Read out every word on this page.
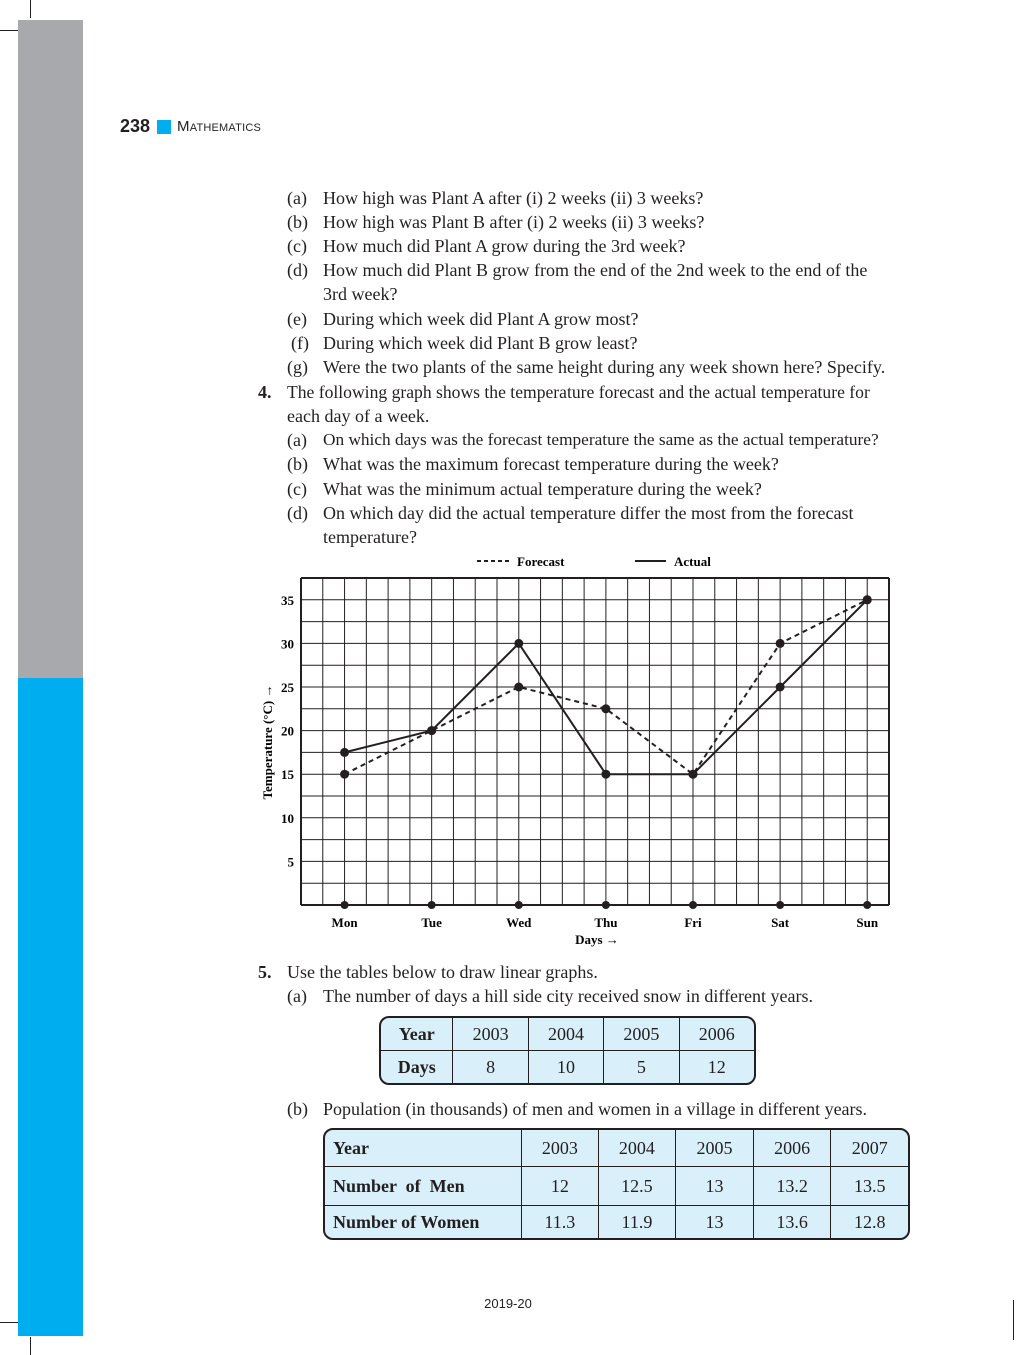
238 Mathematics
(a) How high was Plant A after (i) 2 weeks (ii) 3 weeks?
(b) How high was Plant B after (i) 2 weeks (ii) 3 weeks?
(c) How much did Plant A grow during the 3rd week?
(d) How much did Plant B grow from the end of the 2nd week to the end of the
3rd week?
(e) During which week did Plant A grow most?
(f) During which week did Plant B grow least?
(g) Were the two plants of the same height during any week shown here? Specify.
4. The following graph shows the temperature forecast and the actual temperature for
each day of a week.
(a) On which days was the forecast temperature the same as the actual temperature?
(b) What was the maximum forecast temperature during the week?
(c) What was the minimum actual temperature during the week?
(d) On which day did the actual temperature differ the most from the forecast
temperature?
5
10
15
20
25
30
35
Mon	Tue	Wed	Thu	Fri	Sat	Sun
Forecast	Actual
Days →
Temperature (°C) →
5. Use the tables below to draw linear graphs.
(a) The number of days a hill side city received snow in different years.
Year	2003	2004	2005	2006
Days	8	10	5	12
(b) Population (in thousands) of men and women in a village in different years.
Year	2003	2004	2005	2006	2007
Number  of  Men	12	12.5	13	13.2	13.5
Number of Women	11.3	11.9	13	13.6	12.8
2019-20
